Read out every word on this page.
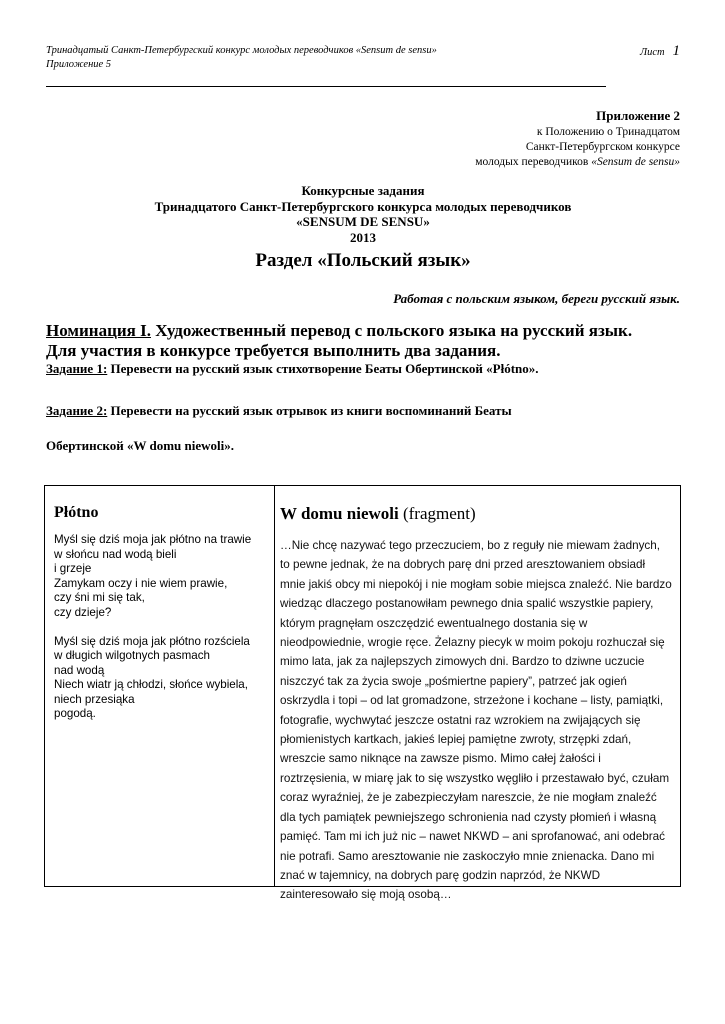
Тринадцатый Санкт-Петербургский конкурс молодых переводчиков «Sensum de sensu»
Приложение 5
Лист 1
Приложение 2
к Положению о Тринадцатом
Санкт-Петербургском конкурсе
молодых переводчиков «Sensum de sensu»
Конкурсные задания
Тринадцатого Санкт-Петербургского конкурса молодых переводчиков
«SENSUM DE SENSU»
2013
Раздел «Польский язык»
Работая с польским языком, береги русский язык.
Номинация I. Художественный перевод с польского языка на русский язык.
Для участия в конкурсе требуется выполнить два задания.
Задание 1: Перевести на русский язык стихотворение Беаты Обертинской «Płótno».
Задание 2: Перевести на русский язык отрывок из книги воспоминаний Беаты
Обертинской «W domu niewoli».
Płótno
Myśl się dziś moja jak płótno na trawie
w słońcu nad wodą bieli
i grzeje
Zamykam oczy i nie wiem prawie,
czy śni mi się tak,
czy dzieje?

Myśl się dziś moja jak płótno rozściela
w długich wilgotnych pasmach
nad wodą
Niech wiatr ją chłodzi, słońce wybiela,
niech przesiąka
pogodą.
W domu niewoli (fragment)
…Nie chcę nazywać tego przeczuciem, bo z reguły nie miewam żadnych, to pewne jednak, że na dobrych parę dni przed aresztowaniem obsiadł mnie jakiś obcy mi niepokój i nie mogłam sobie miejsca znaleźć. Nie bardzo wiedząc dlaczego postanowiłam pewnego dnia spalić wszystkie papiery, którym pragnęłam oszczędzić ewentualnego dostania się w nieodpowiednie, wrogie ręce. Żelazny piecyk w moim pokoju rozhuczał się mimo lata, jak za najlepszych zimowych dni. Bardzo to dziwne uczucie niszczyć tak za życia swoje „pośmiertne papiery”, patrzeć jak ogień oskrzydla i topi – od lat gromadzone, strzeżone i kochane – listy, pamiątki, fotografie, wychwytać jeszcze ostatni raz wzrokiem na zwijających się płomienistych kartkach, jakieś lepiej pamiętne zwroty, strzępki zdań, wreszcie samo niknące na zawsze pismo. Mimo całej żałości i roztrzęsienia, w miarę jak to się wszystko węgliło i przestawało być, czułam coraz wyraźniej, że je zabezpieczyłam nareszcie, że nie mogłam znaleźć dla tych pamiątek pewniejszego schronienia nad czysty płomień i własną pamięć. Tam mi ich już nic – nawet NKWD – ani sprofanować, ani odebrać nie potrafi. Samo aresztowanie nie zaskoczyło mnie znienacka. Dano mi znać w tajemnicy, na dobrych parę godzin naprzód, że NKWD zainteresowało się moją osobą…
